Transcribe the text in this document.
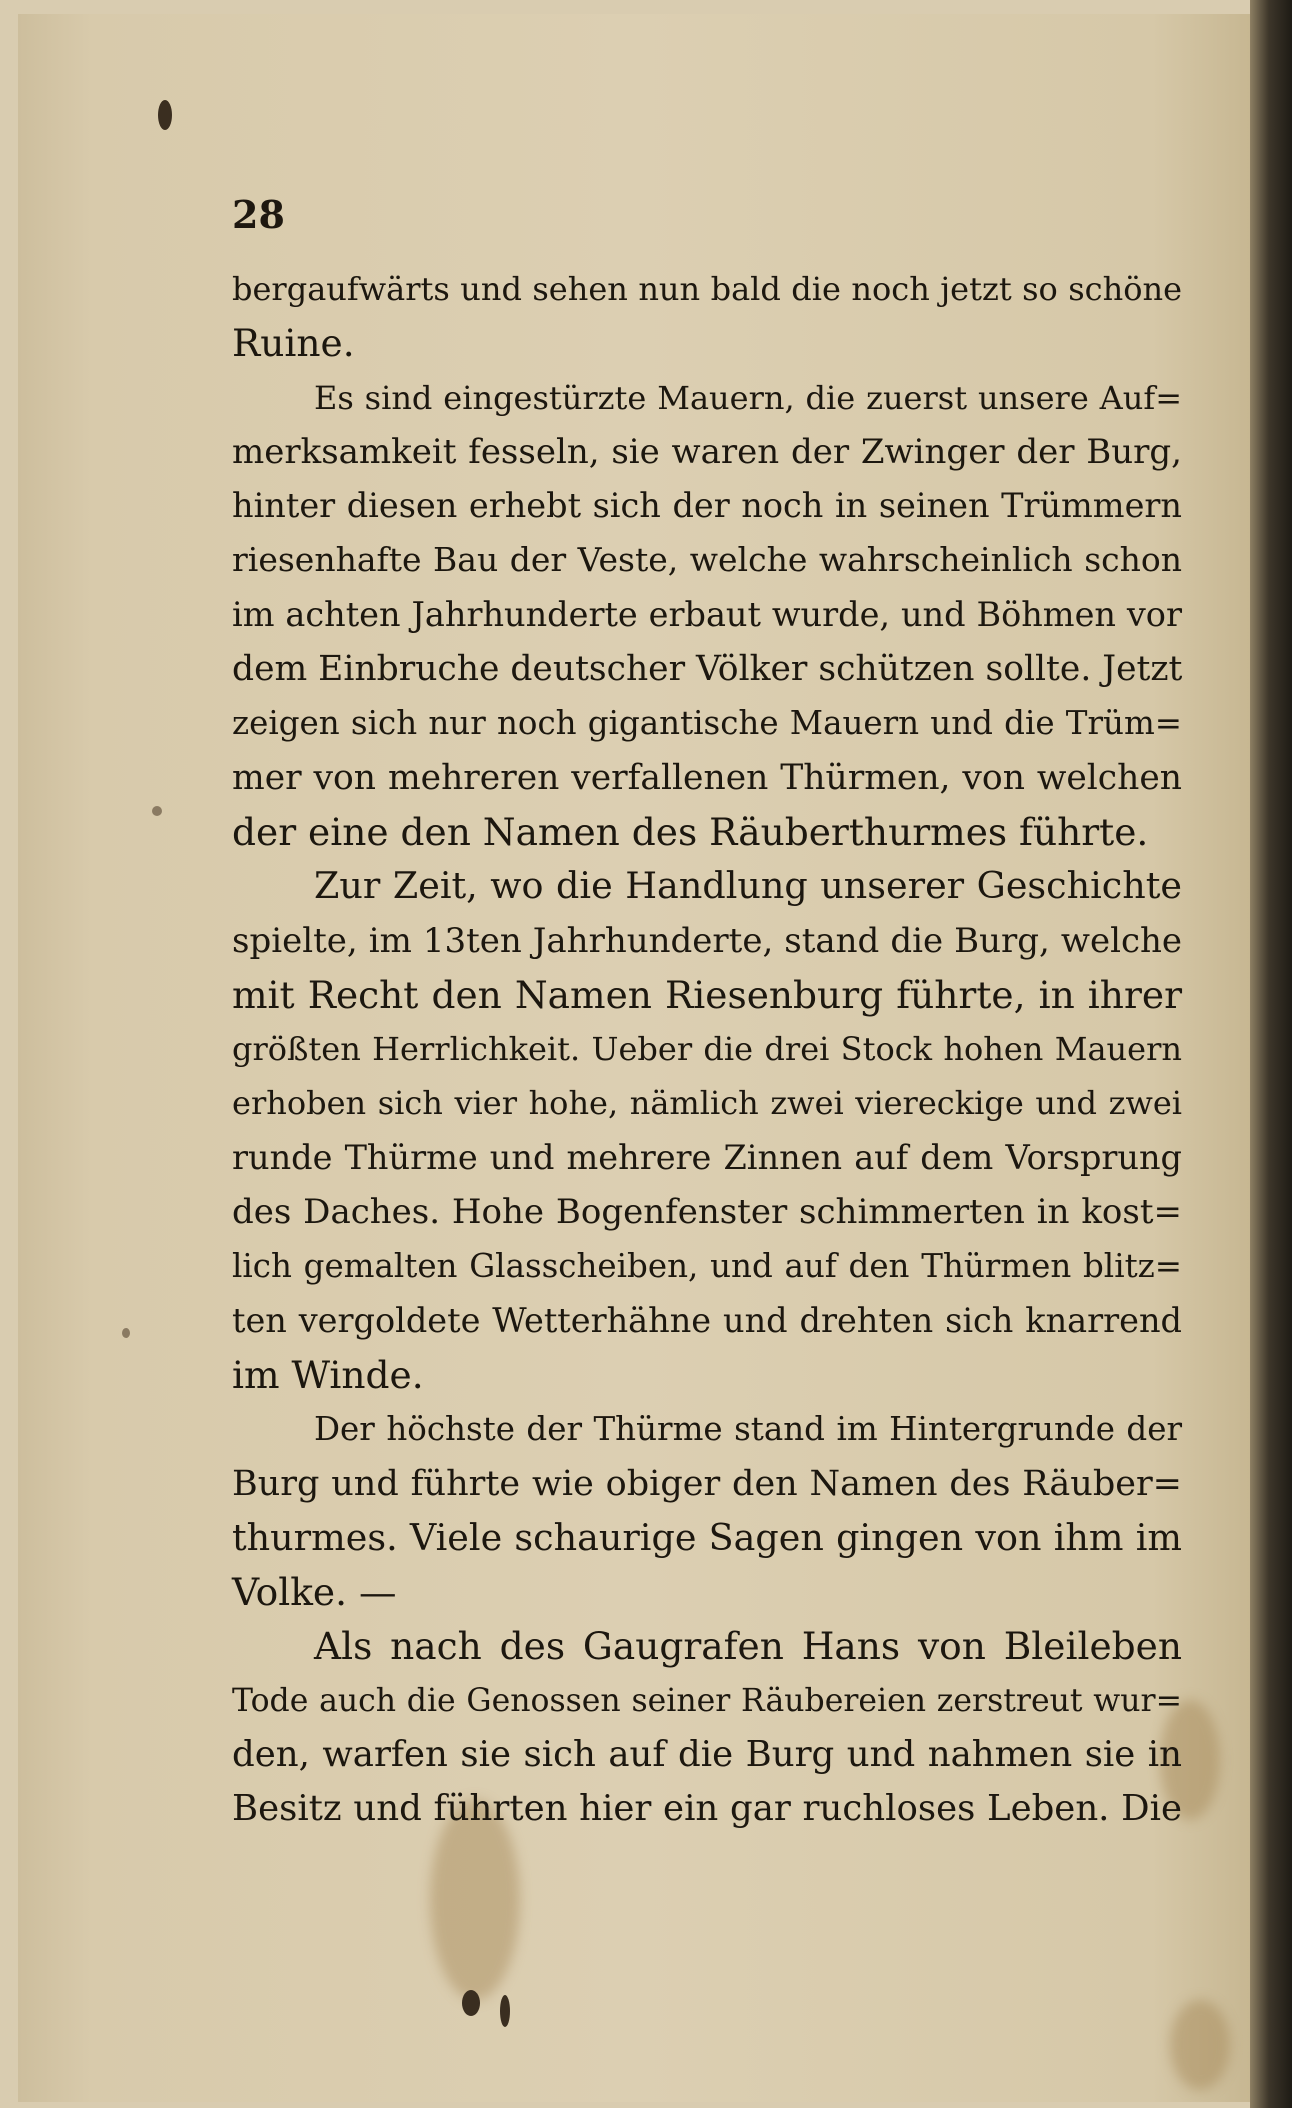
28
bergaufwärts und sehen nun bald die noch jetzt so schöne
Ruine.
Es sind eingestürzte Mauern, die zuerst unsere Auf=
merksamkeit fesseln, sie waren der Zwinger der Burg,
hinter diesen erhebt sich der noch in seinen Trümmern
riesenhafte Bau der Veste, welche wahrscheinlich schon
im achten Jahrhunderte erbaut wurde, und Böhmen vor
dem Einbruche deutscher Völker schützen sollte. Jetzt
zeigen sich nur noch gigantische Mauern und die Trüm=
mer von mehreren verfallenen Thürmen, von welchen
der eine den Namen des Räuberthurmes führte.
Zur Zeit, wo die Handlung unserer Geschichte
spielte, im 13ten Jahrhunderte, stand die Burg, welche
mit Recht den Namen Riesenburg führte, in ihrer
größten Herrlichkeit. Ueber die drei Stock hohen Mauern
erhoben sich vier hohe, nämlich zwei viereckige und zwei
runde Thürme und mehrere Zinnen auf dem Vorsprung
des Daches. Hohe Bogenfenster schimmerten in kost=
lich gemalten Glasscheiben, und auf den Thürmen blitz=
ten vergoldete Wetterhähne und drehten sich knarrend
im Winde.
Der höchste der Thürme stand im Hintergrunde der
Burg und führte wie obiger den Namen des Räuber=
thurmes. Viele schaurige Sagen gingen von ihm im
Volke. —
Als nach des Gaugrafen Hans von Bleileben
Tode auch die Genossen seiner Räubereien zerstreut wur=
den, warfen sie sich auf die Burg und nahmen sie in
Besitz und führten hier ein gar ruchloses Leben. Die
